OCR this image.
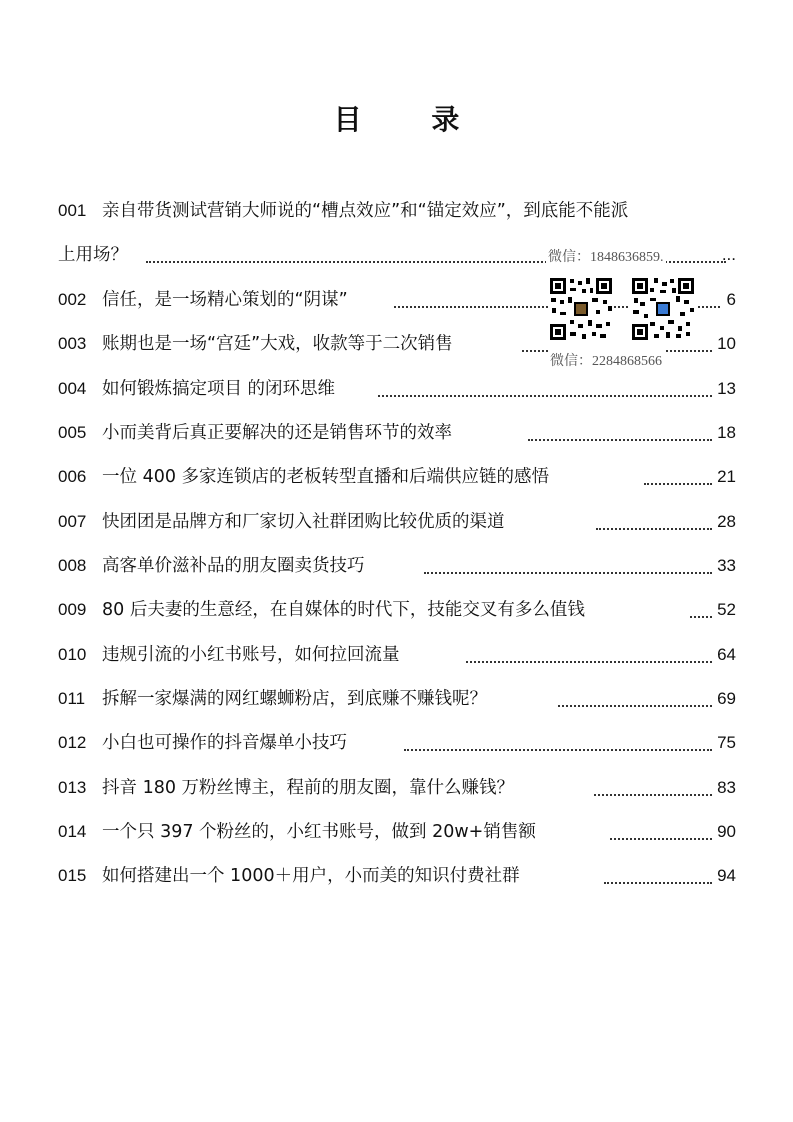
目 录
001 亲自带货测试营销大师说的“槽点效应”和“锚定效应”，到底能不能派
上用场？	...
002 信任，是一场精心策划的“阴谋”	6
003 账期也是一场“宫廷”大戏，收款等于二次销售	10
004 如何锻炼搞定项目 的闭环思维	13
005 小而美背后真正要解决的还是销售环节的效率	18
006 一位 400 多家连锁店的老板转型直播和后端供应链的感悟	21
007 快团团是品牌方和厂家切入社群团购比较优质的渠道	28
008 高客单价滋补品的朋友圈卖货技巧	33
009 80 后夫妻的生意经，在自媒体的时代下，技能交叉有多么值钱	52
010 违规引流的小红书账号，如何拉回流量	64
011 拆解一家爆满的网红螺蛳粉店，到底赚不赚钱呢？	69
012 小白也可操作的抖音爆单小技巧	75
013 抖音 180 万粉丝博主，程前的朋友圈，靠什么赚钱？	83
014 一个只 397 个粉丝的，小红书账号，做到 20w+销售额	90
015 如何搭建出一个 1000＋用户，小而美的知识付费社群	94
微信：1848636859.
微信：2284868566
